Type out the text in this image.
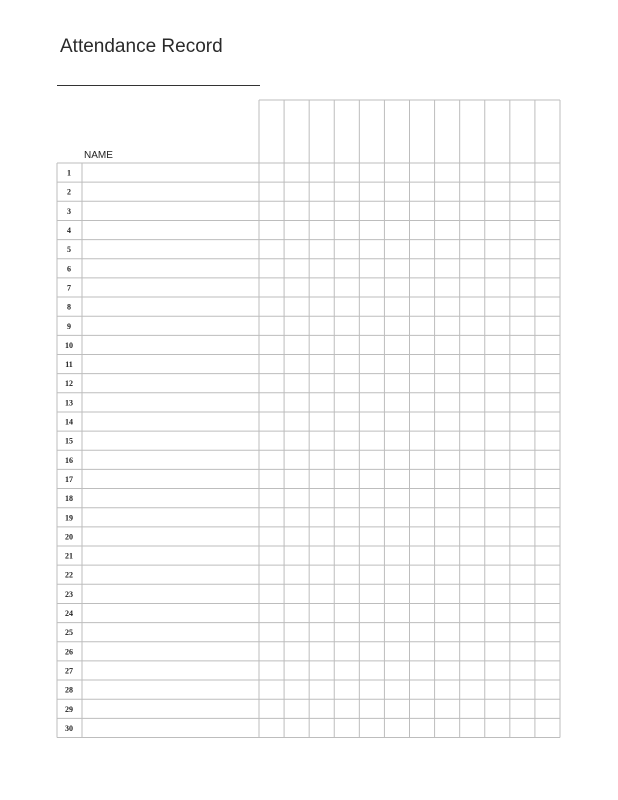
Attendance Record
NAME
1
2
3
4
5
6
7
8
9
10
11
12
13
14
15
16
17
18
19
20
21
22
23
24
25
26
27
28
29
30
